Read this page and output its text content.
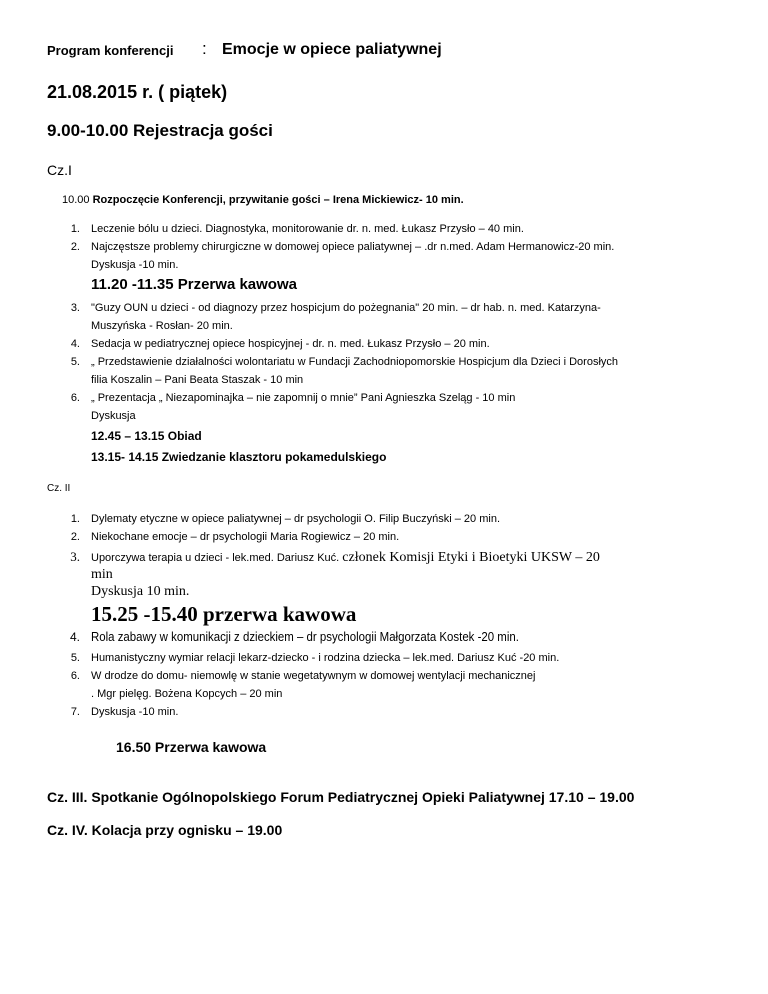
Program konferencji : Emocje w opiece paliatywnej
21.08.2015 r. ( piątek)
9.00-10.00 Rejestracja gości
Cz.I
10.00 Rozpoczęcie Konferencji, przywitanie gości – Irena Mickiewicz- 10 min.
1. Leczenie bólu u dzieci. Diagnostyka, monitorowanie dr. n. med. Łukasz Przysło – 40 min.
2. Najczęstsze problemy chirurgiczne w domowej opiece paliatywnej – .dr n.med. Adam Hermanowicz-20 min.
Dyskusja -10 min.
11.20 -11.35 Przerwa kawowa
3. "Guzy OUN u dzieci - od diagnozy przez hospicjum do pożegnania" 20 min. – dr hab. n. med. Katarzyna-
Muszyńska - Rosłan- 20 min.
4. Sedacja w pediatrycznej opiece hospicyjnej - dr. n. med. Łukasz Przysło – 20 min.
5. „ Przedstawienie działalności wolontariatu w Fundacji Zachodniopomorskie Hospicjum dla Dzieci i Dorosłych
filia Koszalin – Pani Beata Staszak - 10 min
6. „ Prezentacja „ Niezapominajka – nie zapomnij o mnie” Pani Agnieszka Szeląg - 10 min
Dyskusja
12.45 – 13.15 Obiad
13.15- 14.15 Zwiedzanie klasztoru pokamedulskiego
Cz. II
1. Dylematy etyczne w opiece paliatywnej – dr psychologii O. Filip Buczyński – 20 min.
2. Niekochane emocje – dr psychologii Maria Rogiewicz – 20 min.
3. Uporczywa terapia u dzieci - lek.med. Dariusz Kuć. członek Komisji Etyki i Bioetyki UKSW – 20
min
Dyskusja 10 min.
15.25 -15.40 przerwa kawowa
4. Rola zabawy w komunikacji z dzieckiem – dr psychologii Małgorzata Kostek -20 min.
5. Humanistyczny wymiar relacji lekarz-dziecko - i rodzina dziecka – lek.med. Dariusz Kuć -20 min.
6. W drodze do domu- niemowlę w stanie wegetatywnym w domowej wentylacji mechanicznej
. Mgr pielęg. Bożena Kopcych – 20 min
7. Dyskusja -10 min.
16.50 Przerwa kawowa
Cz. III. Spotkanie Ogólnopolskiego Forum Pediatrycznej Opieki Paliatywnej 17.10 – 19.00
Cz. IV. Kolacja przy ognisku – 19.00
